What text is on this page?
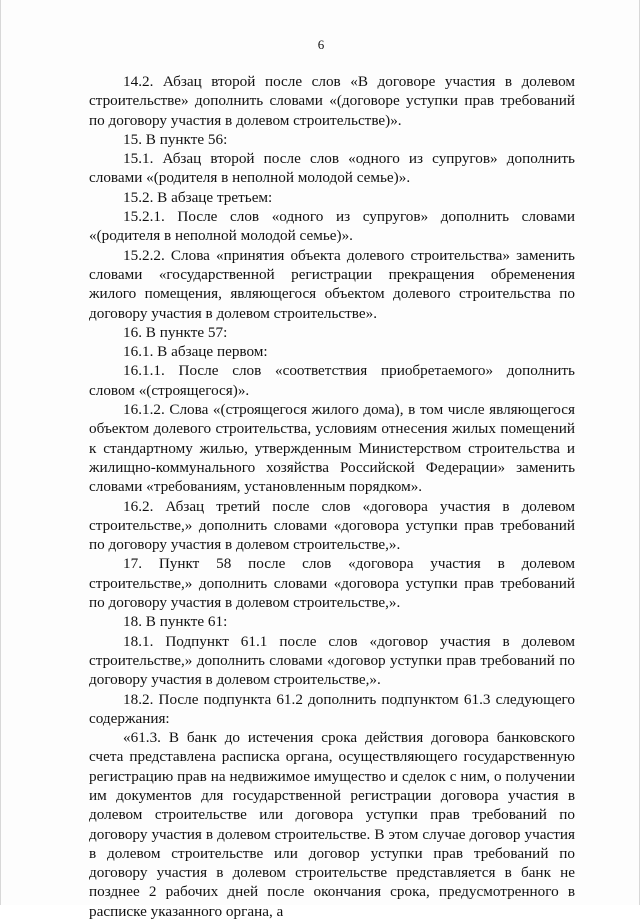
6

14.2. Абзац второй после слов «В договоре участия в долевом строительстве» дополнить словами «(договоре уступки прав требований по договору участия в долевом строительстве)».

15. В пункте 56:

15.1. Абзац второй после слов «одного из супругов» дополнить словами «(родителя в неполной молодой семье)».

15.2. В абзаце третьем:

15.2.1. После слов «одного из супругов» дополнить словами «(родителя в неполной молодой семье)».

15.2.2. Слова «принятия объекта долевого строительства» заменить словами «государственной регистрации прекращения обременения жилого помещения, являющегося объектом долевого строительства по договору участия в долевом строительстве».

16. В пункте 57:

16.1. В абзаце первом:

16.1.1. После слов «соответствия приобретаемого» дополнить словом «(строящегося)».

16.1.2. Слова «(строящегося жилого дома), в том числе являющегося объектом долевого строительства, условиям отнесения жилых помещений к стандартному жилью, утвержденным Министерством строительства и жилищно-коммунального хозяйства Российской Федерации» заменить словами «требованиям, установленным порядком».

16.2. Абзац третий после слов «договора участия в долевом строительстве,» дополнить словами «договора уступки прав требований по договору участия в долевом строительстве,».

17. Пункт 58 после слов «договора участия в долевом строительстве,» дополнить словами «договора уступки прав требований по договору участия в долевом строительстве,».

18. В пункте 61:

18.1. Подпункт 61.1 после слов «договор участия в долевом строительстве,» дополнить словами «договор уступки прав требований по договору участия в долевом строительстве,».

18.2. После подпункта 61.2 дополнить подпунктом 61.3 следующего содержания:

«61.3. В банк до истечения срока действия договора банковского счета представлена расписка органа, осуществляющего государственную регистрацию прав на недвижимое имущество и сделок с ним, о получении им документов для государственной регистрации договора участия в долевом строительстве или договора уступки прав требований по договору участия в долевом строительстве. В этом случае договор участия в долевом строительстве или договор уступки прав требований по договору участия в долевом строительстве представляется в банк не позднее 2 рабочих дней после окончания срока, предусмотренного в расписке указанного органа, а
